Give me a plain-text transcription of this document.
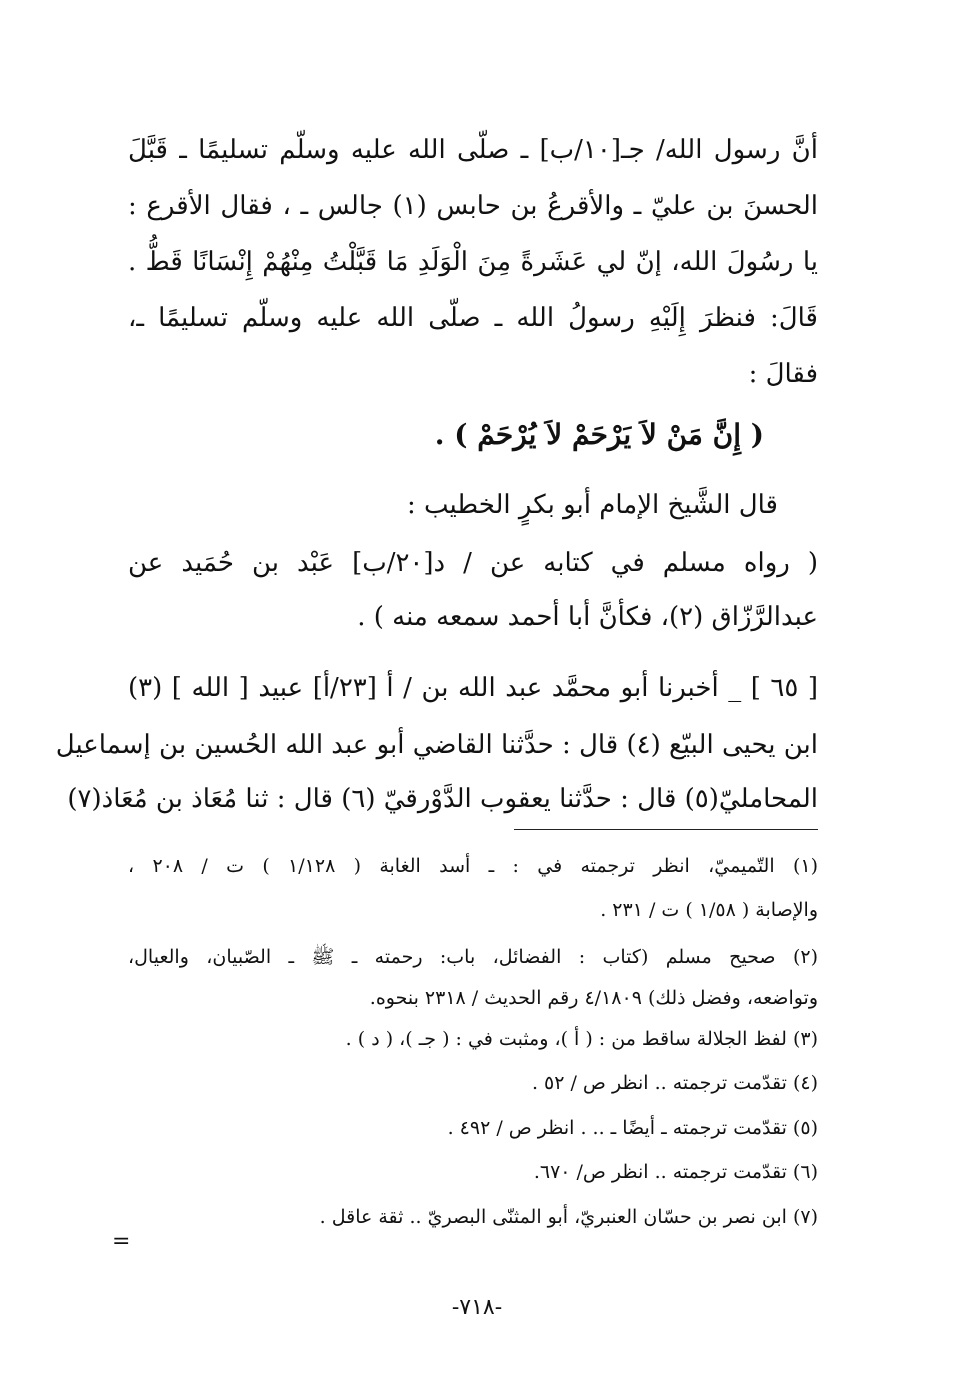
أنَّ رسول الله/ جـ[١٠/ب] ـ صلّى الله عليه وسلّم تسليمًا ـ قَبَّلَ
الحسنَ بن عليّ ـ والأقرعُ بن حابس (١) جالس ـ ، فقال الأقرع :
يا رسُولَ الله، إنّ لي عَشَرةً مِنَ الْوَلَدِ مَا قَبَّلْتُ مِنْهُمْ إِنْسَانًا قَطُّ .
قَالَ: فنظرَ إِلَيْهِ رسولُ الله ـ صلّى الله عليه وسلّم تسليمًا ـ،
فقالَ :
( إِنَّ مَنْ لاَ يَرْحَمْ لاَ يُرْحَمْ ) .
قال الشَّيخ الإمام أبو بكرٍ الخطيب :
( رواه مسلم في كتابه عن / د[٢٠/ب] عَبْد بن حُمَيد عن
عبدالرَّزّاق (٢)، فكأنَّ أبا أحمد سمعه منه ) .
[ ٦٥ ] _ أخبرنا أبو محمَّد عبد الله بن / أ [٢٣/أ] عبيد [ الله ] (٣)
ابن يحيى البيّع (٤) قال : حدَّثنا القاضي أبو عبد الله الحُسين بن إسماعيل
المحامليّ(٥) قال : حدَّثنا يعقوب الدَّوْرقيّ (٦) قال : ثنا مُعَاذ بن مُعَاذ(٧)
(١) التّميميّ، انظر ترجمته في : ـ أسد الغابة ( ١/١٢٨ ) ت / ٢٠٨ ،
والإصابة ( ١/٥٨ ) ت / ٢٣١ .
(٢) صحيح مسلم (كتاب : الفضائل، باب: رحمته ـ ﷺ ـ الصّبيان، والعيال،
وتواضعه، وفضل ذلك) ٤/١٨٠٩ رقم الحديث / ٢٣١٨ بنحوه.
(٣) لفظ الجلالة ساقط من : ( أ )، ومثبت في : ( جـ )، ( د ) .
(٤) تقدّمت ترجمته .. انظر ص / ٥٢ .
(٥) تقدّمت ترجمته ـ أيضًا ـ .. . انظر ص / ٤٩٢ .
(٦) تقدّمت ترجمته .. انظر ص/ ٦٧٠.
(٧) ابن نصر بن حسّان العنبريّ، أبو المثنّى البصريّ .. ثقة عاقل .
=
-٧١٨-
